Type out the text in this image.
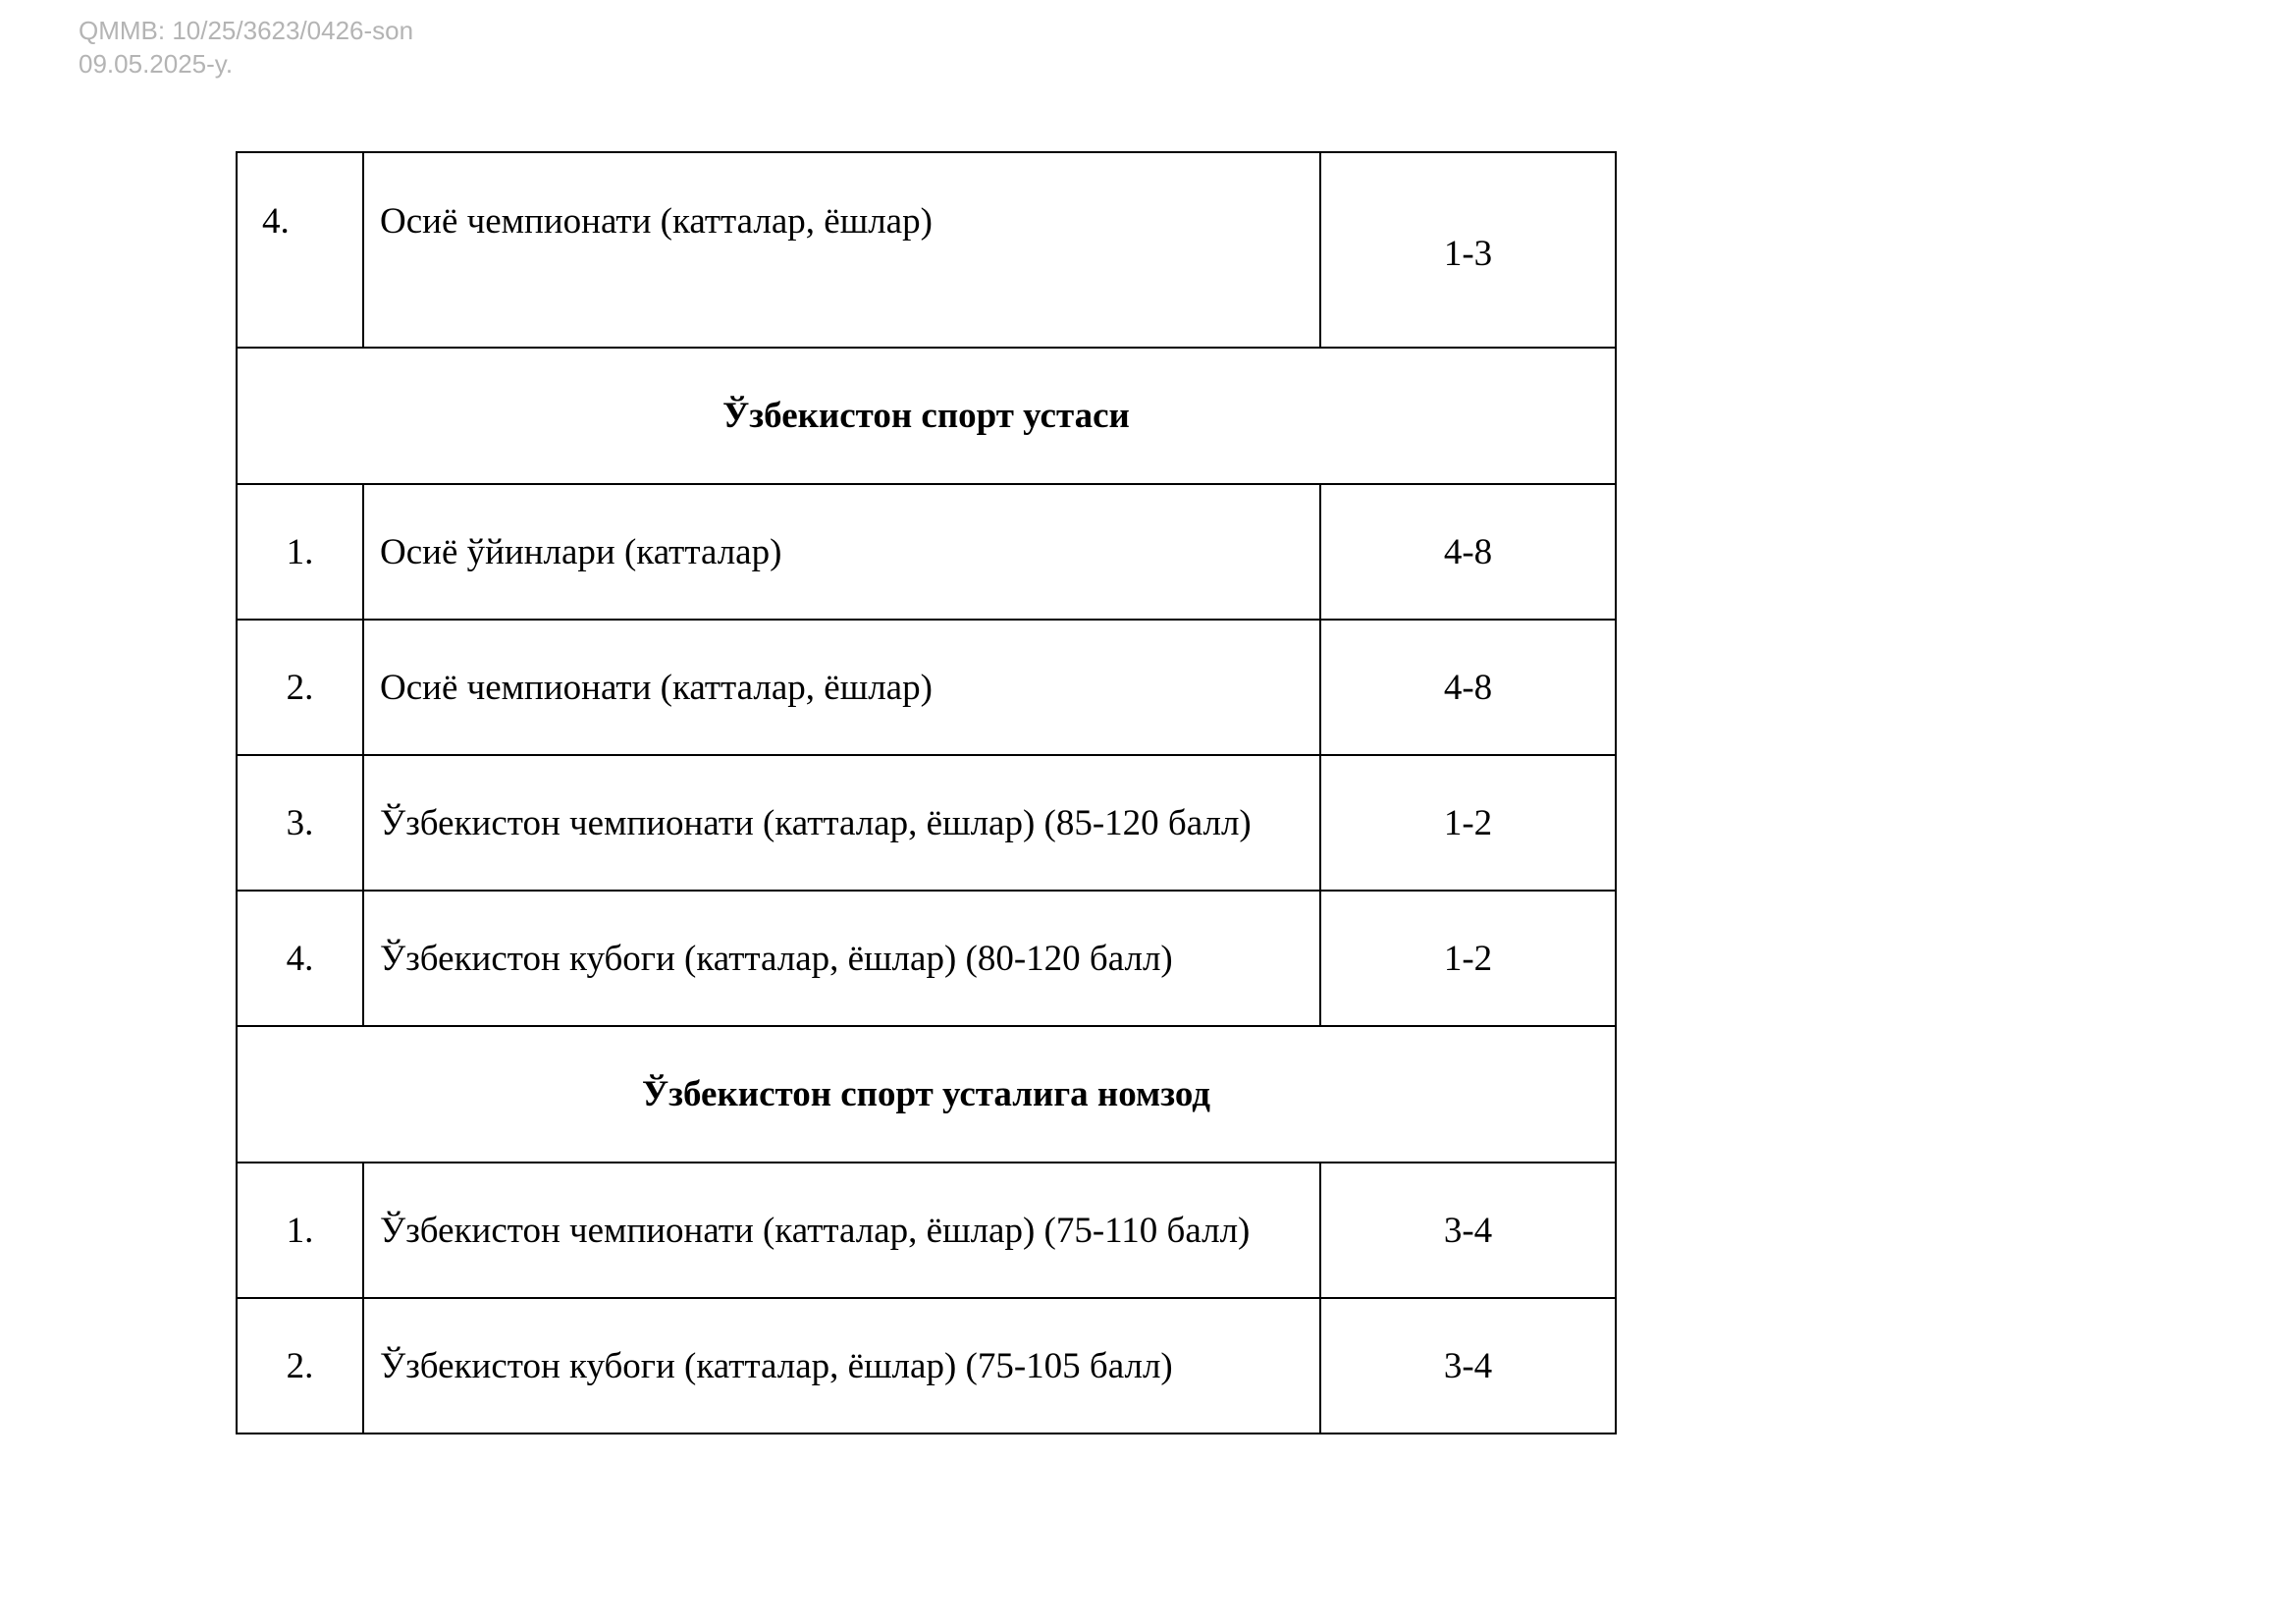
QMMB: 10/25/3623/0426-son
09.05.2025-y.
4.	Осиё чемпионати (катталар, ёшлар)	1-3
Ўзбекистон спорт устаси		
1.	Осиё ўйинлари (катталар)	4-8
2.	Осиё чемпионати (катталар, ёшлар)	4-8
3.	Ўзбекистон чемпионати (катталар, ёшлар) (85-120 балл)	1-2
4.	Ўзбекистон кубоги (катталар, ёшлар) (80-120 балл)	1-2
Ўзбекистон спорт усталига номзод		
1.	Ўзбекистон чемпионати (катталар, ёшлар) (75-110 балл)	3-4
2.	Ўзбекистон кубоги (катталар, ёшлар) (75-105 балл)	3-4
